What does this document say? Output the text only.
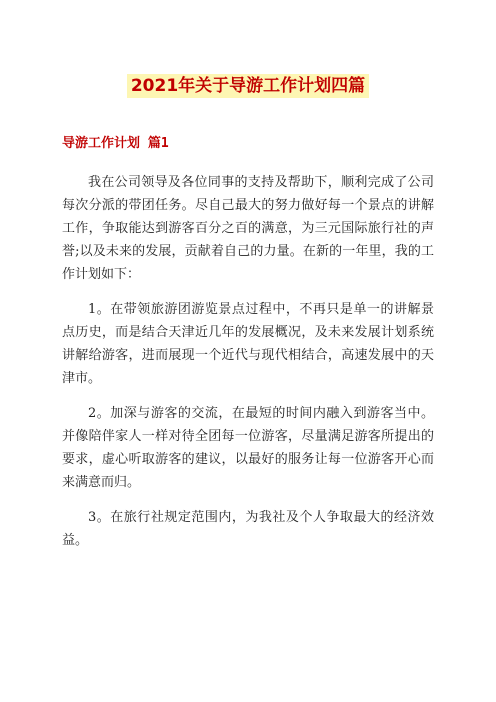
2021年关于导游工作计划四篇
导游工作计划 篇1

我在公司领导及各位同事的支持及帮助下，顺利完成了公司每次分派的带团任务。尽自己最大的努力做好每一个景点的讲解工作，争取能达到游客百分之百的满意，为三元国际旅行社的声誉;以及未来的发展，贡献着自己的力量。在新的一年里，我的工作计划如下：

1。在带领旅游团游览景点过程中，不再只是单一的讲解景点历史，而是结合天津近几年的发展概况，及未来发展计划系统讲解给游客，进而展现一个近代与现代相结合，高速发展中的天津市。

2。加深与游客的交流，在最短的时间内融入到游客当中。并像陪伴家人一样对待全团每一位游客，尽量满足游客所提出的要求，虚心听取游客的建议，以最好的服务让每一位游客开心而来满意而归。

3。在旅行社规定范围内，为我社及个人争取最大的经济效益。
